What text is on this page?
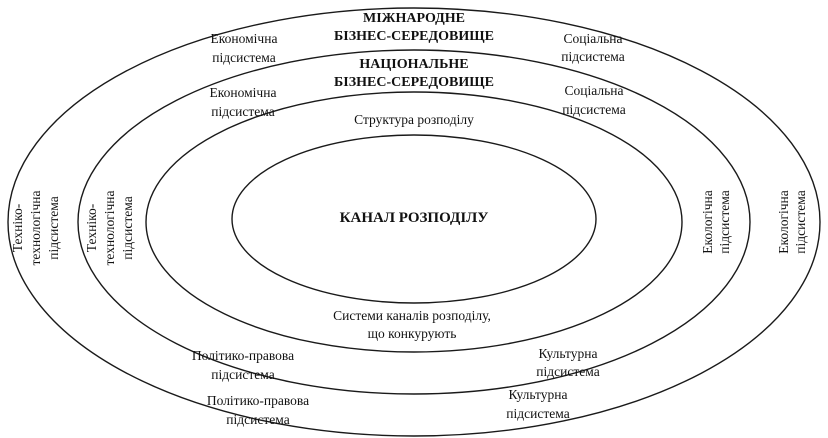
МІЖНАРОДНЕ
БІЗНЕС-СЕРЕДОВИЩЕ
Економічна
підсистема
Соціальна
підсистема
Техніко- технологічна підсистема	Екологічна підсистема
Політико-правова
підсистема
Культурна
підсистема
НАЦІОНАЛЬНЕ
БІЗНЕС-СЕРЕДОВИЩЕ
Економічна
підсистема
Соціальна
підсистема
Техніко- технологічна підсистема	Екологічна підсистема
Політико-правова
підсистема
Культурна
підсистема
Структура розподілу
Системи каналів розподілу,
що конкурують
КАНАЛ РОЗПОДІЛУ
